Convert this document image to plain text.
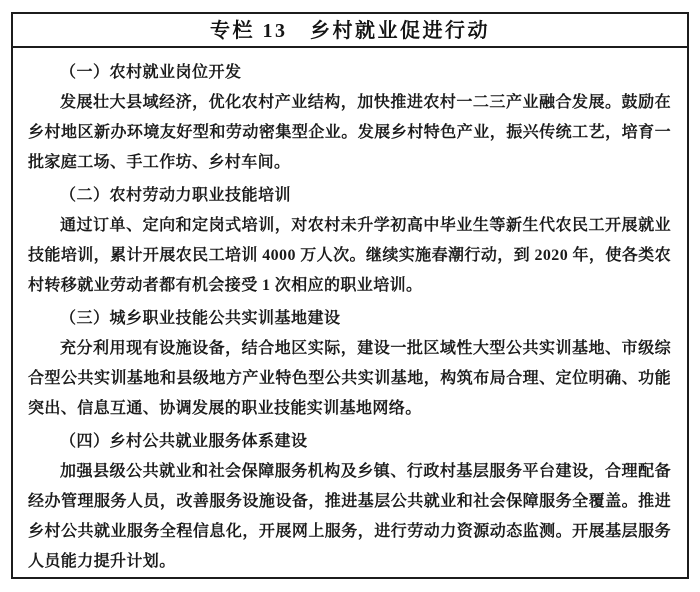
专栏 13　乡村就业促进行动
（一）农村就业岗位开发
发展壮大县域经济，优化农村产业结构，加快推进农村一二三产业融合发展。鼓励在乡村地区新办环境友好型和劳动密集型企业。发展乡村特色产业，振兴传统工艺，培育一批家庭工场、手工作坊、乡村车间。
（二）农村劳动力职业技能培训
通过订单、定向和定岗式培训，对农村未升学初高中毕业生等新生代农民工开展就业技能培训，累计开展农民工培训 4000 万人次。继续实施春潮行动，到 2020 年，使各类农村转移就业劳动者都有机会接受 1 次相应的职业培训。
（三）城乡职业技能公共实训基地建设
充分利用现有设施设备，结合地区实际，建设一批区域性大型公共实训基地、市级综合型公共实训基地和县级地方产业特色型公共实训基地，构筑布局合理、定位明确、功能突出、信息互通、协调发展的职业技能实训基地网络。
（四）乡村公共就业服务体系建设
加强县级公共就业和社会保障服务机构及乡镇、行政村基层服务平台建设，合理配备经办管理服务人员，改善服务设施设备，推进基层公共就业和社会保障服务全覆盖。推进乡村公共就业服务全程信息化，开展网上服务，进行劳动力资源动态监测。开展基层服务人员能力提升计划。
